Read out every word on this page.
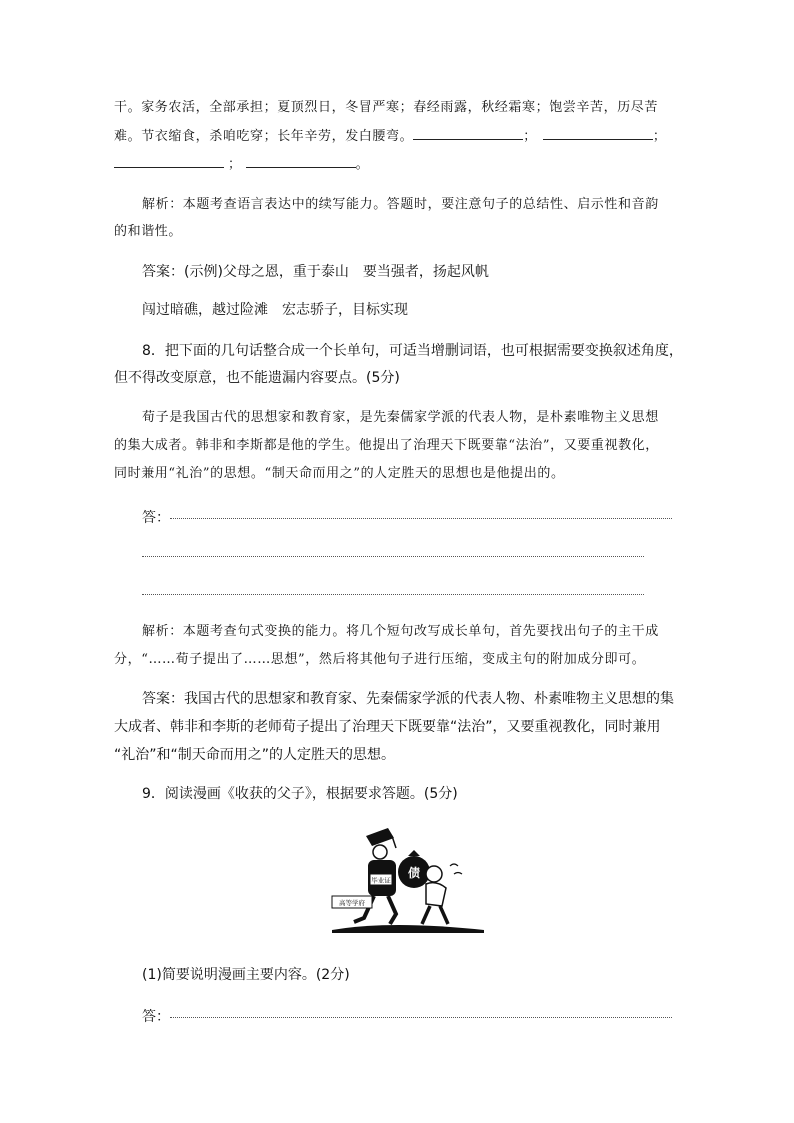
干。家务农活，全部承担；夏顶烈日，冬冒严寒；春经雨露，秋经霜寒；饱尝辛苦，历尽苦
难。节衣缩食，杀咱吃穿；长年辛劳，发白腰弯。	；	；
；	。
解析：本题考查语言表达中的续写能力。答题时，要注意句子的总结性、启示性和音韵
的和谐性。
答案：(示例)父母之恩，重于泰山　要当强者，扬起风帆
闯过暗礁，越过险滩　宏志骄子，目标实现
8．把下面的几句话整合成一个长单句，可适当增删词语，也可根据需要变换叙述角度，
但不得改变原意，也不能遗漏内容要点。(5分)
荀子是我国古代的思想家和教育家，是先秦儒家学派的代表人物，是朴素唯物主义思想
的集大成者。韩非和李斯都是他的学生。他提出了治理天下既要靠“法治”，又要重视教化，
同时兼用“礼治”的思想。“制天命而用之”的人定胜天的思想也是他提出的。
答：
解析：本题考查句式变换的能力。将几个短句改写成长单句，首先要找出句子的主干成
分，“……荀子提出了……思想”，然后将其他句子进行压缩，变成主句的附加成分即可。
答案：我国古代的思想家和教育家、先秦儒家学派的代表人物、朴素唯物主义思想的集
大成者、韩非和李斯的老师荀子提出了治理天下既要靠“法治”，又要重视教化，同时兼用
“礼治”和“制天命而用之”的人定胜天的思想。
9．阅读漫画《收获的父子》，根据要求答题。(5分)
毕业证
高等学府
债
(1)简要说明漫画主要内容。(2分)
答：
